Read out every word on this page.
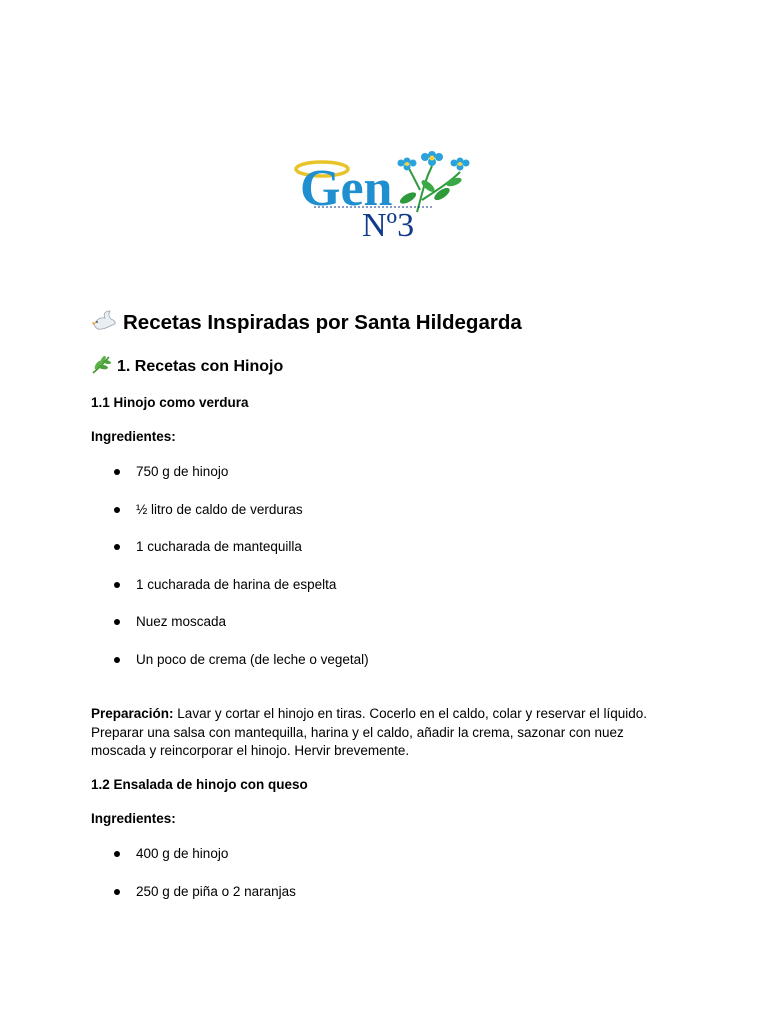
Gen
Nº3
Recetas Inspiradas por Santa Hildegarda
1. Recetas con Hinojo
1.1 Hinojo como verdura
Ingredientes:
750 g de hinojo
½ litro de caldo de verduras
1 cucharada de mantequilla
1 cucharada de harina de espelta
Nuez moscada
Un poco de crema (de leche o vegetal)
Preparación: Lavar y cortar el hinojo en tiras. Cocerlo en el caldo, colar y reservar el líquido. Preparar una salsa con mantequilla, harina y el caldo, añadir la crema, sazonar con nuez moscada y reincorporar el hinojo. Hervir brevemente.
1.2 Ensalada de hinojo con queso
Ingredientes:
400 g de hinojo
250 g de piña o 2 naranjas
